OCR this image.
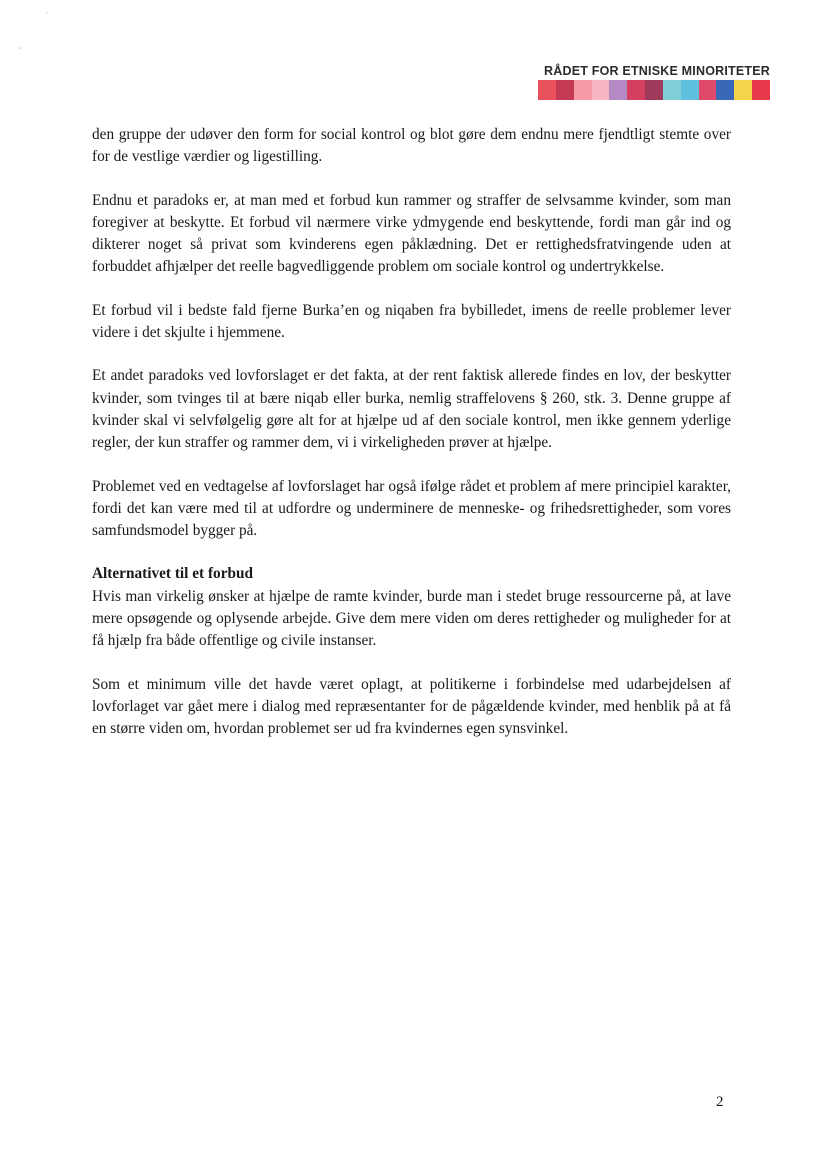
ˊ
ˏ
RÅDET FOR ETNISKE MINORITETER

den gruppe der udøver den form for social kontrol og blot gøre dem endnu mere fjendtligt stemte over for de vestlige værdier og ligestilling.

Endnu et paradoks er, at man med et forbud kun rammer og straffer de selvsamme kvinder, som man foregiver at beskytte. Et forbud vil nærmere virke ydmygende end beskyttende, fordi man går ind og dikterer noget så privat som kvinderens egen påklædning. Det er rettighedsfratvingende uden at forbuddet afhjælper det reelle bagvedliggende problem om sociale kontrol og undertrykkelse.

Et forbud vil i bedste fald fjerne Burka’en og niqaben fra bybilledet, imens de reelle problemer lever videre i det skjulte i hjemmene.

Et andet paradoks ved lovforslaget er det fakta, at der rent faktisk allerede findes en lov, der beskytter kvinder, som tvinges til at bære niqab eller burka, nemlig straffelovens § 260, stk. 3. Denne gruppe af kvinder skal vi selvfølgelig gøre alt for at hjælpe ud af den sociale kontrol, men ikke gennem yderlige regler, der kun straffer og rammer dem, vi i virkeligheden prøver at hjælpe.

Problemet ved en vedtagelse af lovforslaget har også ifølge rådet et problem af mere principiel karakter, fordi det kan være med til at udfordre og underminere de menneske- og frihedsrettigheder, som vores samfundsmodel bygger på.

Alternativet til et forbud

Hvis man virkelig ønsker at hjælpe de ramte kvinder, burde man i stedet bruge ressourcerne på, at lave mere opsøgende og oplysende arbejde. Give dem mere viden om deres rettigheder og muligheder for at få hjælp fra både offentlige og civile instanser.

Som et minimum ville det havde været oplagt, at politikerne i forbindelse med udarbejdelsen af lovforlaget var gået mere i dialog med repræsentanter for de pågældende kvinder, med henblik på at få en større viden om, hvordan problemet ser ud fra kvindernes egen synsvinkel.

2
